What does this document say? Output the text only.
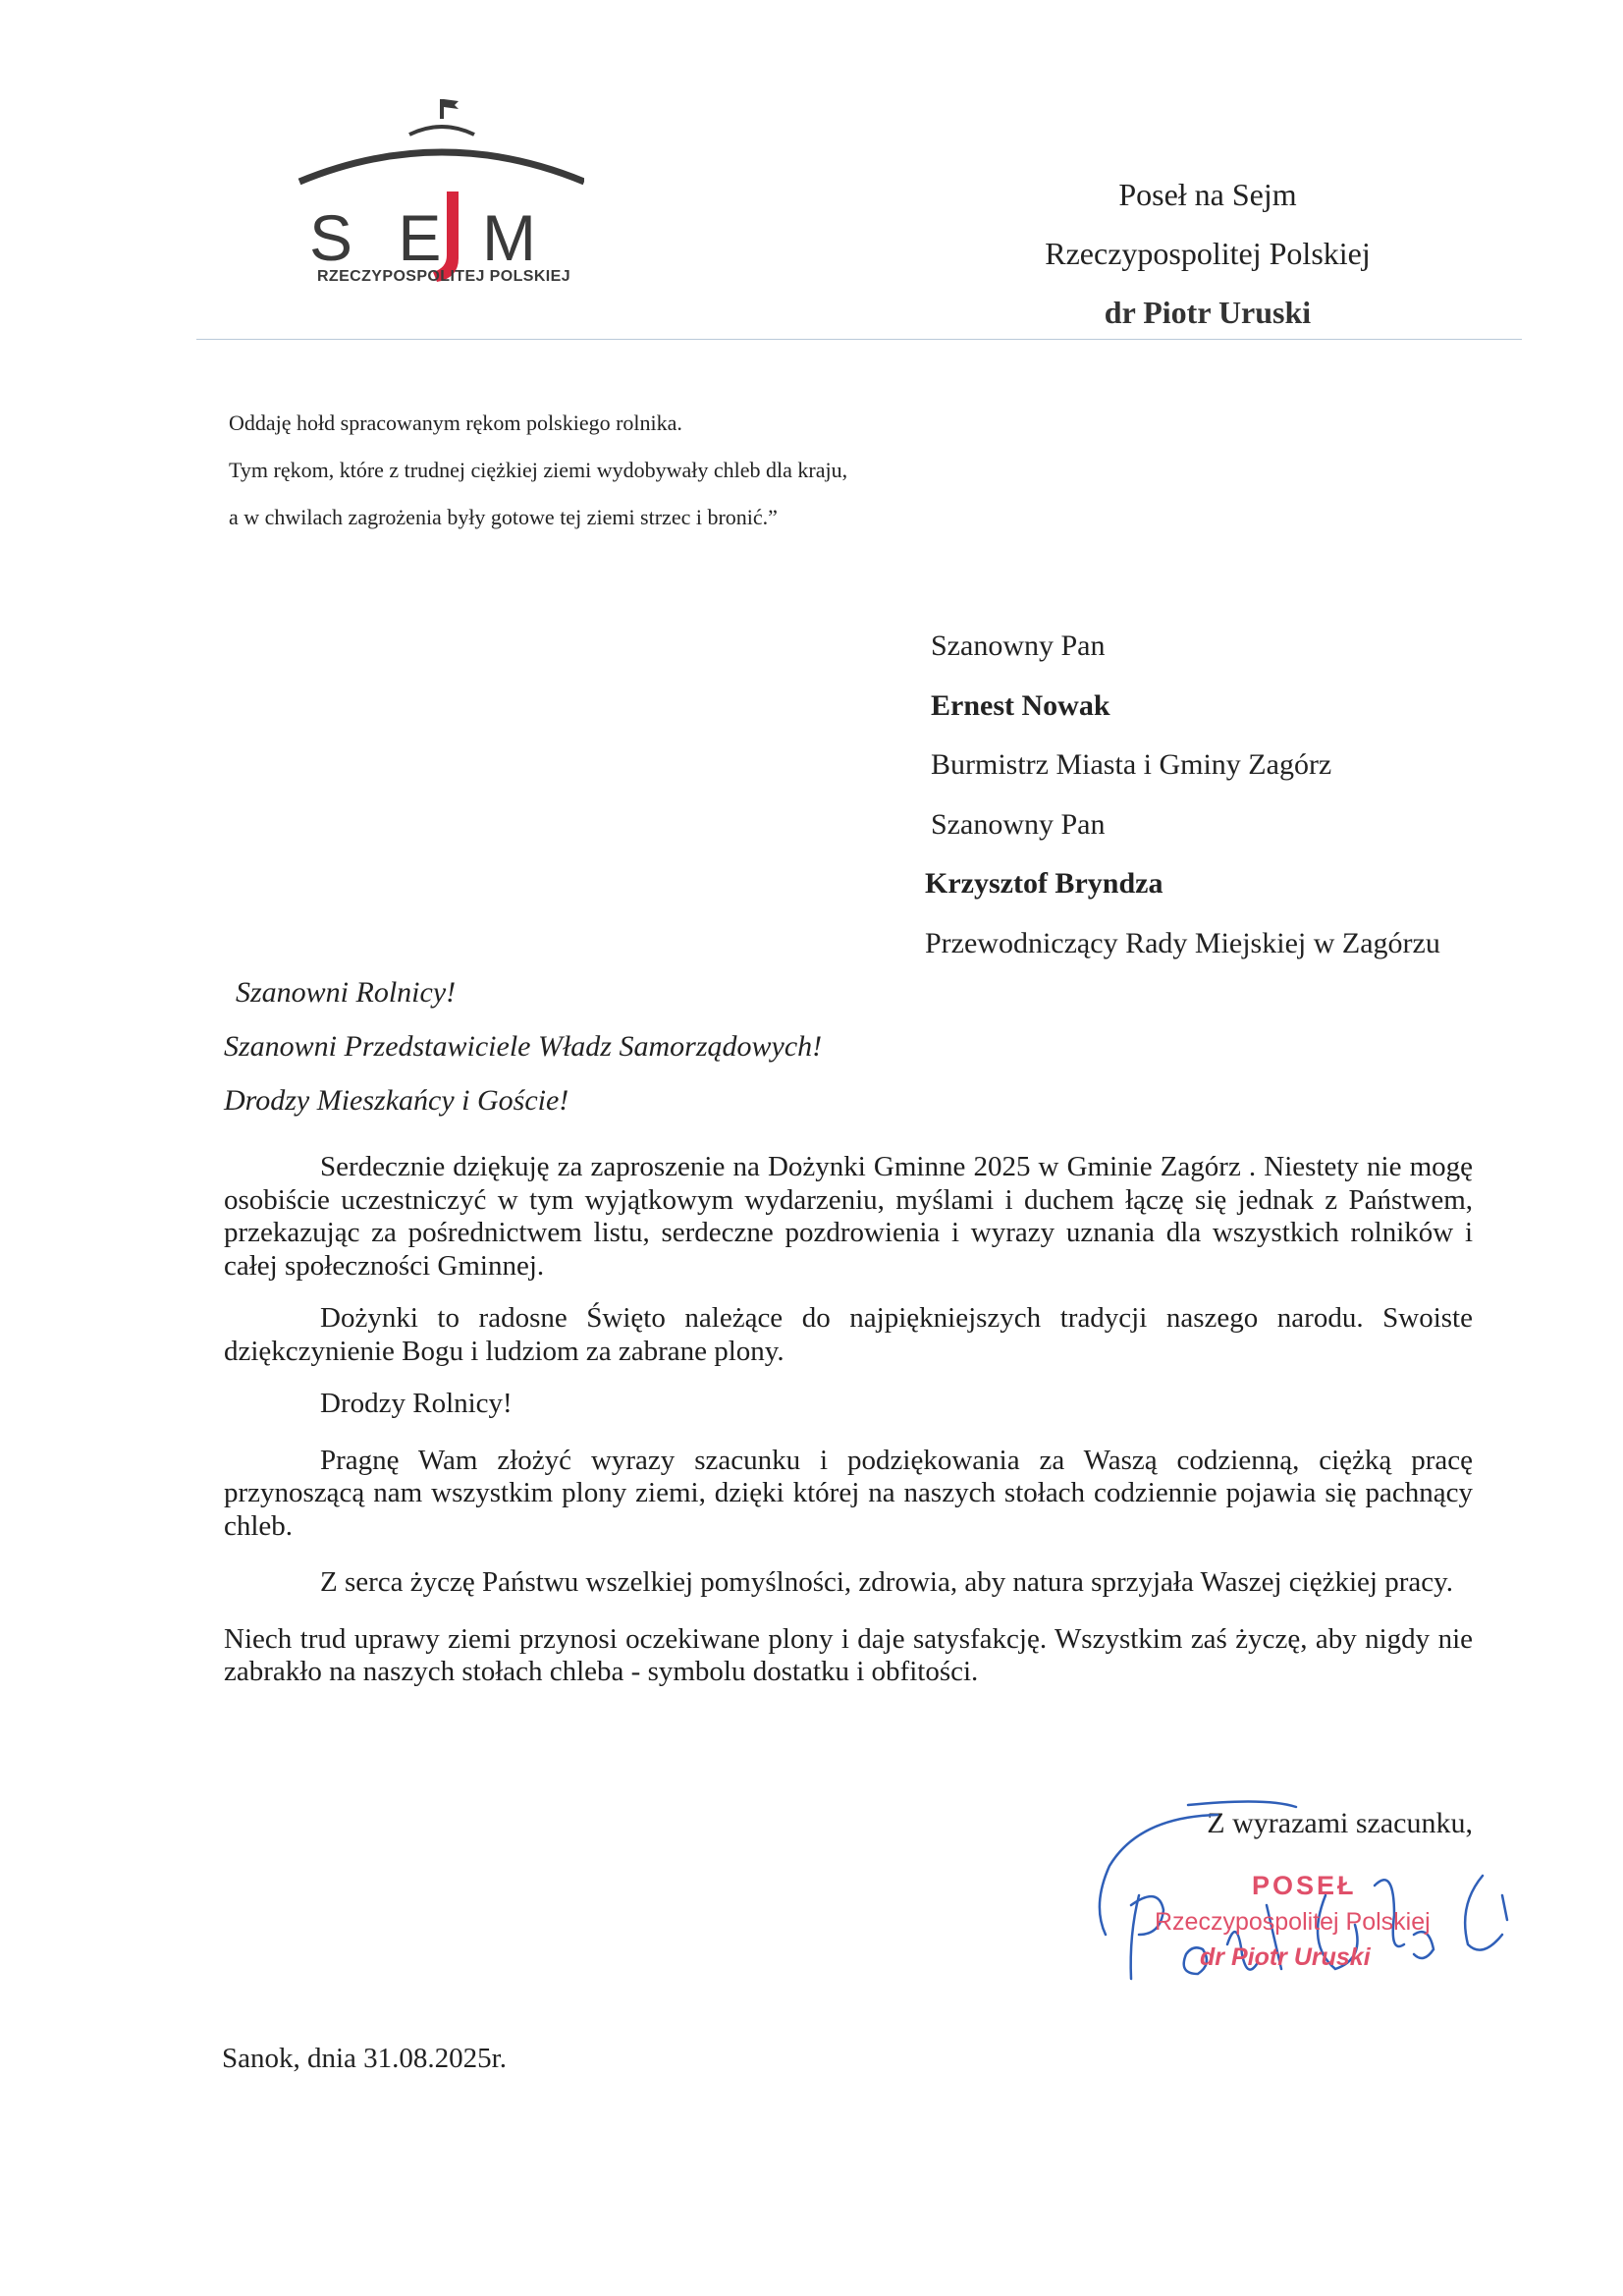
S E M
RZECZYPOSPOLITEJ POLSKIEJ
Poseł na Sejm
Rzeczypospolitej Polskiej
dr Piotr Uruski
Oddaję hołd spracowanym rękom polskiego rolnika.
Tym rękom, które z trudnej ciężkiej ziemi wydobywały chleb dla kraju,
a w chwilach zagrożenia były gotowe tej ziemi strzec i bronić.”
Szanowny Pan
Ernest Nowak
Burmistrz Miasta i Gminy Zagórz
Szanowny Pan
Krzysztof Bryndza
Przewodniczący Rady Miejskiej w Zagórzu
Szanowni Rolnicy!
Szanowni Przedstawiciele Władz Samorządowych!
Drodzy Mieszkańcy i Goście!

Serdecznie dziękuję za zaproszenie na Dożynki Gminne 2025 w Gminie Zagórz . Niestety nie mogę osobiście uczestniczyć w tym wyjątkowym wydarzeniu, myślami i duchem łączę się jednak z Państwem, przekazując za pośrednictwem listu, serdeczne pozdrowienia i wyrazy uznania dla wszystkich rolników i całej społeczności Gminnej.

Dożynki to radosne Święto należące do najpiękniejszych tradycji naszego narodu. Swoiste dziękczynienie Bogu i ludziom za zabrane plony.

Drodzy Rolnicy!

Pragnę Wam złożyć wyrazy szacunku i podziękowania za Waszą codzienną, ciężką pracę przynoszącą nam wszystkim plony ziemi, dzięki której na naszych stołach codziennie pojawia się pachnący chleb.

Z serca życzę Państwu wszelkiej pomyślności, zdrowia, aby natura sprzyjała Waszej ciężkiej pracy.

Niech trud uprawy ziemi przynosi oczekiwane plony i daje satysfakcję. Wszystkim zaś życzę, aby nigdy nie zabrakło na naszych stołach chleba - symbolu dostatku i obfitości.

Z wyrazami szacunku,
POSEŁ
Rzeczypospolitej Polskiej
dr Piotr Uruski
Sanok, dnia 31.08.2025r.
